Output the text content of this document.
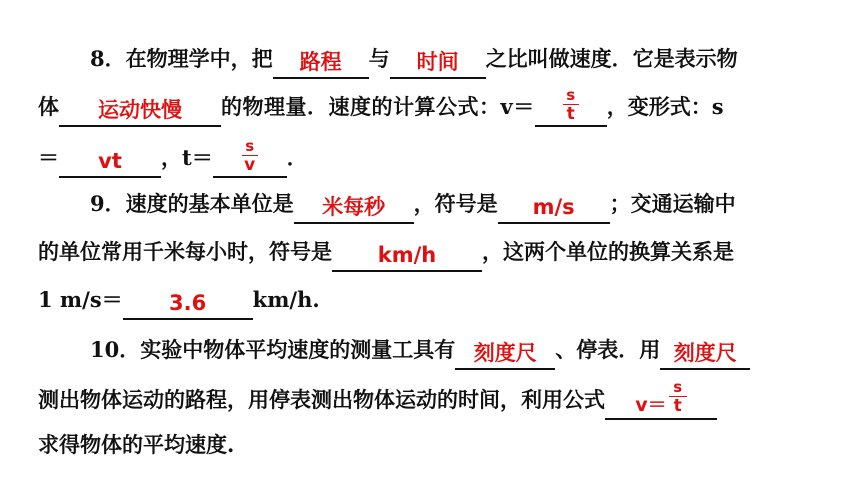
8．在物理学中，把	路程	与	时间	之比叫做速度．它是表示物
体	运动快慢	的物理量．速度的计算公式：v＝	s
t ，变形式：s
＝	vt	，t＝	s
v ．
9．速度的基本单位是	米每秒	，符号是	m/s	；交通运输中
的单位常用千米每小时，符号是	km/h	，这两个单位的换算关系是
1 m/s＝	3.6	km/h.
10．实验中物体平均速度的测量工具有 刻度尺 、停表．用 刻度尺
测出物体运动的路程，用停表测出物体运动的时间，利用公式 $v= \frac{s}{t}$
求得物体的平均速度.
